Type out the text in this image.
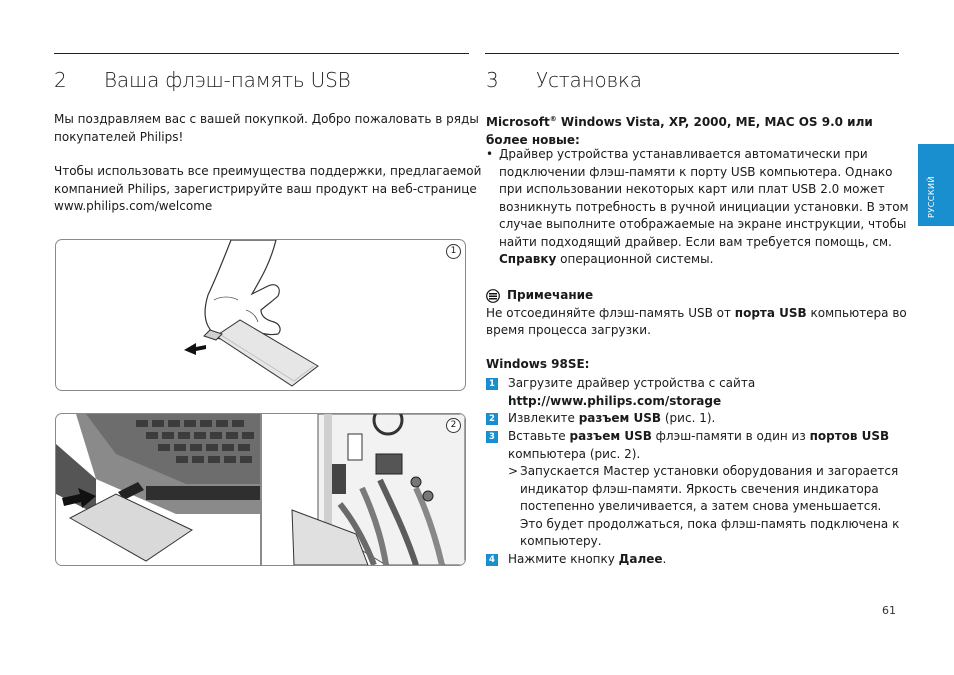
2 Ваша флэш-память USB
Мы поздравляем вас с вашей покупкой. Добро пожаловать в ряды
покупателей Philips!
Чтобы использовать все преимущества поддержки, предлагаемой
компанией Philips, зарегистрируйте ваш продукт на веб-странице
www.philips.com/welcome
1
2
3 Установка
Microsoft® Windows Vista, XP, 2000, ME, MAC OS 9.0 или
более новые:
• Драйвер устройства устанавливается автоматически при
подключении флэш-памяти к порту USB компьютера. Однако
при использовании некоторых карт или плат USB 2.0 может
возникнуть потребность в ручной инициации установки. В этом
случае выполните отображаемые на экране инструкции, чтобы
найти подходящий драйвер. Если вам требуется помощь, см.
Справку операционной системы.
Примечание
Не отсоединяйте флэш-память USB от порта USB компьютера во
время процесса загрузки.
Windows 98SE:
1 Загрузите драйвер устройства с сайта
http://www.philips.com/storage
2 Извлеките разъем USB (рис. 1).
3 Вставьте разъем USB флэш-памяти в один из портов USB
компьютера (рис. 2).
> Запускается Мастер установки оборудования и загорается
индикатор флэш-памяти. Яркость свечения индикатора
постепенно увеличивается, а затем снова уменьшается.
Это будет продолжаться, пока флэш-память подключена к
компьютеру.
4 Нажмите кнопку Далее.
РУССКИЙ
61
